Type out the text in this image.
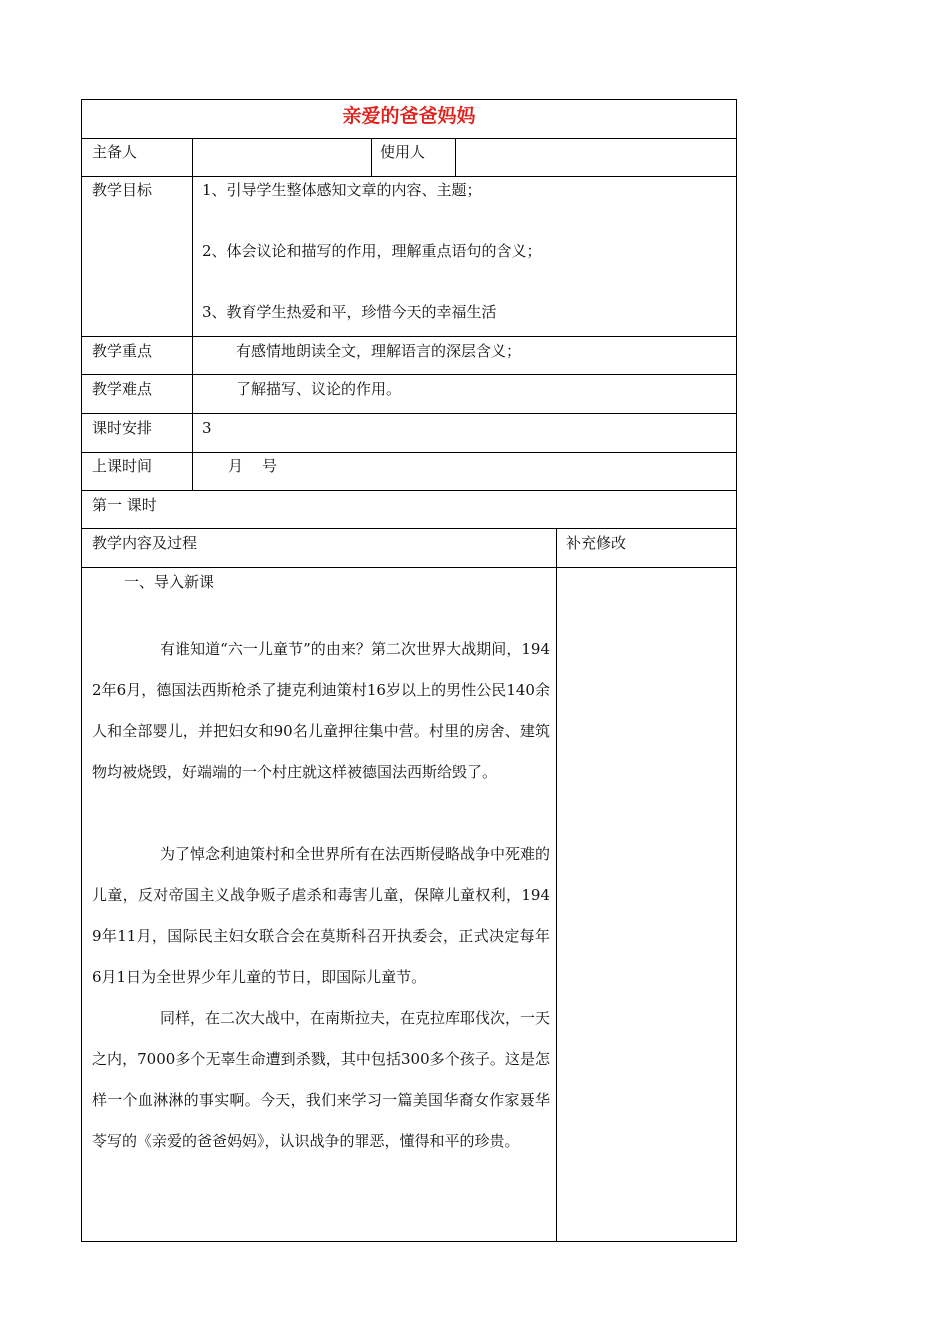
亲爱的爸爸妈妈
主备人	使用人
教学目标	1、引导学生整体感知文章的内容、主题；
2、体会议论和描写的作用，理解重点语句的含义；
3、教育学生热爱和平，珍惜今天的幸福生活
教学重点	有感情地朗读全文，理解语言的深层含义；
教学难点	了解描写、议论的作用。
课时安排	3
上课时间	月 号
第一 课时
教学内容及过程	补充修改
一、导入新课
有谁知道“六一儿童节”的由来？第二次世界大战期间，1942年6月，德国法西斯枪杀了捷克利迪策村16岁以上的男性公民140余人和全部婴儿，并把妇女和90名儿童押往集中营。村里的房舍、建筑物均被烧毁，好端端的一个村庄就这样被德国法西斯给毁了。
为了悼念利迪策村和全世界所有在法西斯侵略战争中死难的儿童，反对帝国主义战争贩子虐杀和毒害儿童，保障儿童权利，1949年11月，国际民主妇女联合会在莫斯科召开执委会，正式决定每年6月1日为全世界少年儿童的节日，即国际儿童节。
同样，在二次大战中，在南斯拉夫，在克拉库耶伐次，一天之内，7000多个无辜生命遭到杀戮，其中包括300多个孩子。这是怎样一个血淋淋的事实啊。今天，我们来学习一篇美国华裔女作家聂华苓写的《亲爱的爸爸妈妈》，认识战争的罪恶，懂得和平的珍贵。
